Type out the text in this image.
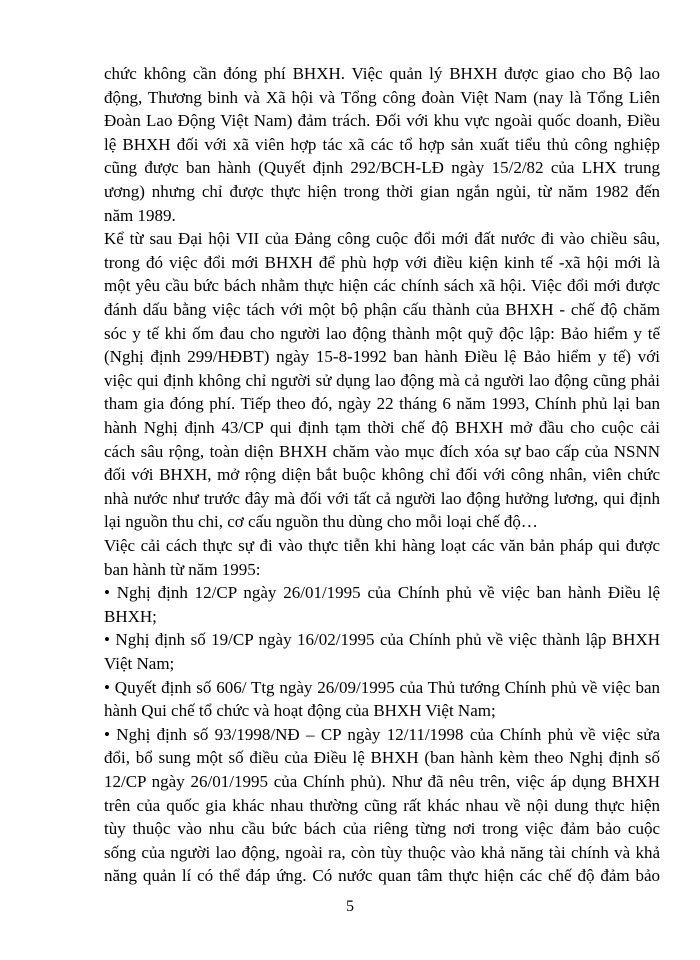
chức không cần đóng phí BHXH. Việc quản lý BHXH được giao cho Bộ lao
động, Thương binh và Xã hội và Tổng công đoàn Việt Nam (nay là Tổng Liên
Đoàn Lao Động Việt Nam) đảm trách. Đối với khu vực ngoài quốc doanh, Điều
lệ BHXH đối với xã viên hợp tác xã các tổ hợp sản xuất tiểu thủ công nghiệp
cũng được ban hành (Quyết định 292/BCH-LĐ ngày 15/2/82 của LHX trung
ương) nhưng chỉ được thực hiện trong thời gian ngắn ngủi, từ năm 1982 đến
năm 1989.
Kể từ sau Đại hội VII của Đảng công cuộc đổi mới đất nước đi vào chiều sâu,
trong đó việc đổi mới BHXH để phù hợp với điều kiện kinh tế -xã hội mới là
một yêu cầu bức bách nhằm thực hiện các chính sách xã hội. Việc đổi mới được
đánh dấu bằng việc tách với một bộ phận cấu thành của BHXH - chế độ chăm
sóc y tế khi ốm đau cho người lao động thành một quỹ độc lập: Bảo hiểm y tế
(Nghị định 299/HĐBT) ngày 15-8-1992 ban hành Điều lệ Bảo hiểm y tế) với
việc qui định không chỉ người sử dụng lao động mà cả người lao động cũng phải
tham gia đóng phí. Tiếp theo đó, ngày 22 tháng 6 năm 1993, Chính phủ lại ban
hành Nghị định 43/CP qui định tạm thời chế độ BHXH mở đầu cho cuộc cải
cách sâu rộng, toàn diện BHXH chăm vào mục đích xóa sự bao cấp của NSNN
đối với BHXH, mở rộng diện bắt buộc không chỉ đối với công nhân, viên chức
nhà nước như trước đây mà đối với tất cả người lao động hưởng lương, qui định
lại nguồn thu chi, cơ cấu nguồn thu dùng cho mỗi loại chế độ…
Việc cải cách thực sự đi vào thực tiễn khi hàng loạt các văn bản pháp qui được
ban hành từ năm 1995:
• Nghị định 12/CP ngày 26/01/1995 của Chính phủ về việc ban hành Điều lệ
BHXH;
• Nghị định số 19/CP ngày 16/02/1995 của Chính phủ về việc thành lập BHXH
Việt Nam;
• Quyết định số 606/ Ttg ngày 26/09/1995 của Thủ tướng Chính phủ về việc ban
hành Qui chế tổ chức và hoạt động của BHXH Việt Nam;
• Nghị định số 93/1998/NĐ – CP ngày 12/11/1998 của Chính phủ về việc sửa
đổi, bổ sung một số điều của Điều lệ BHXH (ban hành kèm theo Nghị định số
12/CP ngày 26/01/1995 của Chính phủ). Như đã nêu trên, việc áp dụng BHXH
trên của quốc gia khác nhau thường cũng rất khác nhau về nội dung thực hiện
tùy thuộc vào nhu cầu bức bách của riêng từng nơi trong việc đảm bảo cuộc
sống của người lao động, ngoài ra, còn tùy thuộc vào khả năng tài chính và khả
năng quản lí có thể đáp ứng. Có nước quan tâm thực hiện các chế độ đảm bảo
5
